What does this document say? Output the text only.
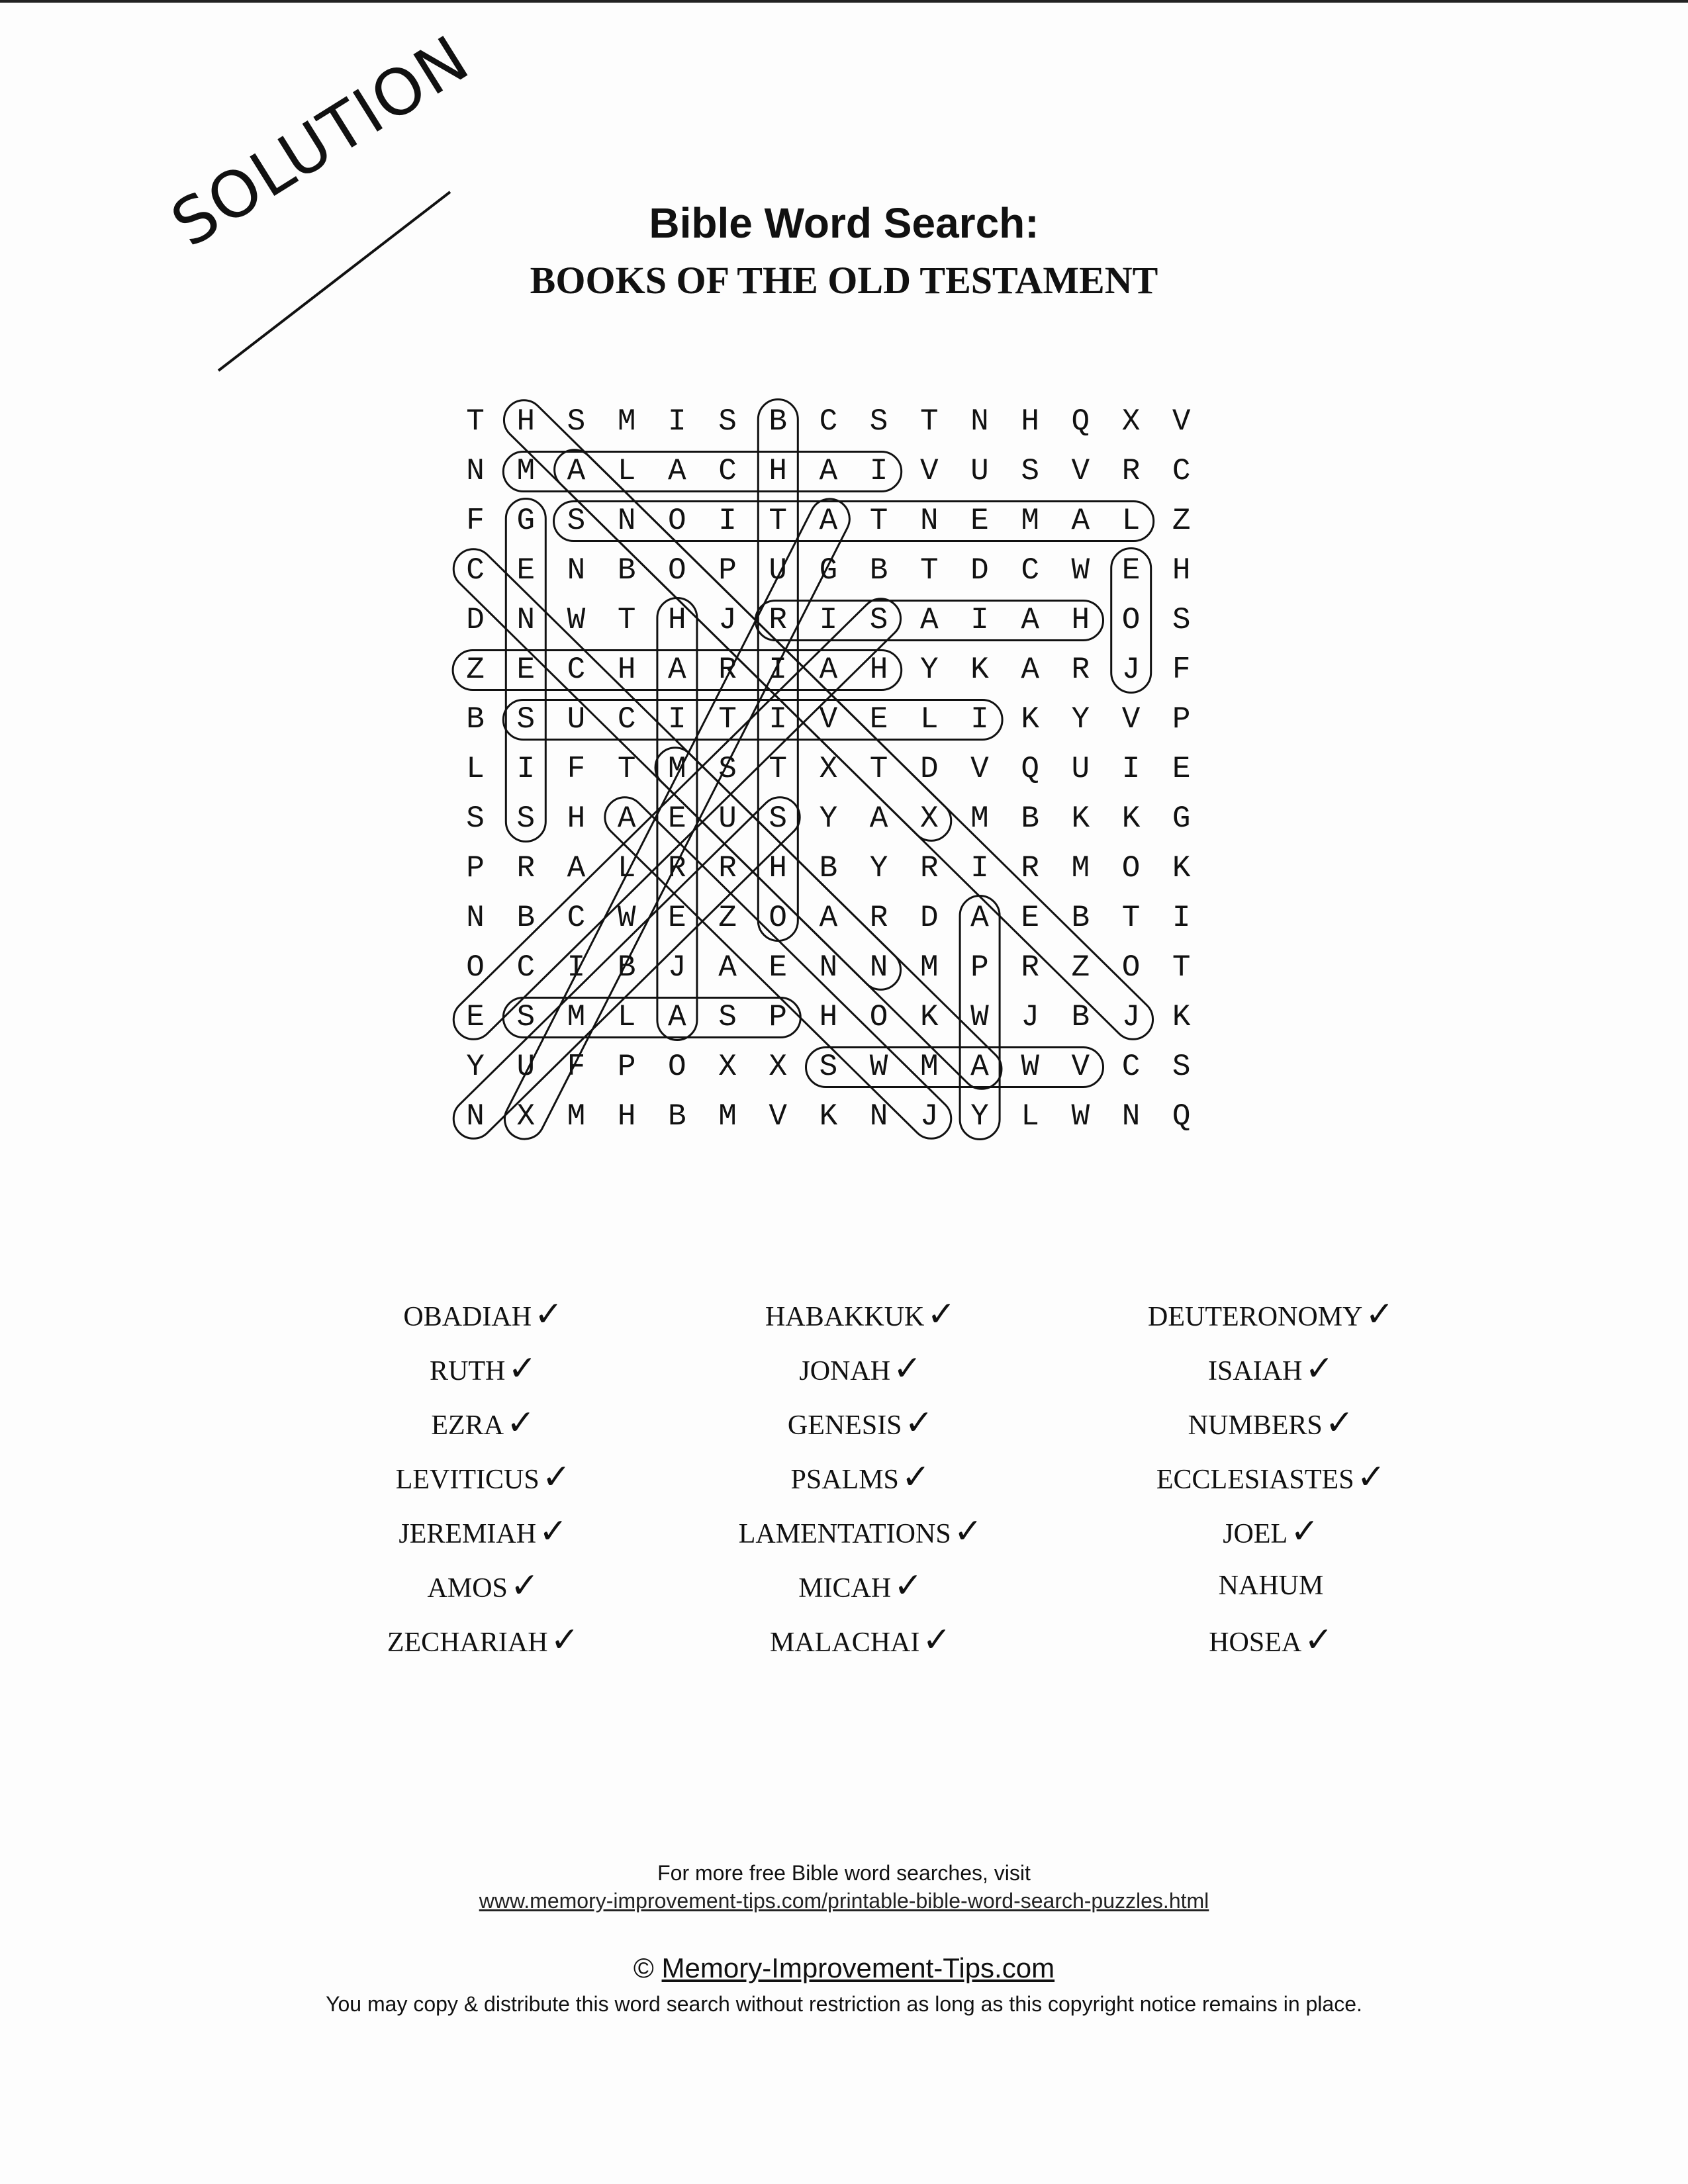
SOLUTION	Bible Word Search:
BOOKS OF THE OLD TESTAMENT
T	H	S	M	I	S	B	C	S	T	N	H	Q	X	V
N	M	A	L	A	C	H	A	I	V	U	S	V	R	C
F	G	S	N	O	I	T	A	T	N	E	M	A	L	Z
C	E	N	B	O	P	U	G	B	T	D	C	W	E	H
D	N	W	T	H	J	R	I	S	A	I	A	H	O	S
Z	E	C	H	A	R	I	A	H	Y	K	A	R	J	F
B	S	U	C	I	T	I	V	E	L	I	K	Y	V	P
L	I	F	T	M	S	T	X	T	D	V	Q	U	I	E
S	S	H	A	E	U	S	Y	A	X	M	B	K	K	G
P	R	A	L	R	R	H	B	Y	R	I	R	M	O	K
N	B	C	W	E	Z	O	A	R	D	A	E	B	T	I
O	C	I	B	J	A	E	N	N	M	P	R	Z	O	T
E	S	M	L	A	S	P	H	O	K	W	J	B	J	K
Y	U	F	P	O	X	X	S	W	M	A	W	V	C	S
N	X	M	H	B	M	V	K	N	J	Y	L	W	N	Q
OBADIAH✓
RUTH✓
EZRA✓
LEVITICUS✓
JEREMIAH✓
AMOS✓
ZECHARIAH✓
HABAKKUK✓
JONAH✓
GENESIS✓
PSALMS✓
LAMENTATIONS✓
MICAH✓
MALACHAI✓
DEUTERONOMY✓
ISAIAH✓
NUMBERS✓
ECCLESIASTES✓
JOEL✓
NAHUM
HOSEA✓
For more free Bible word searches, visit
www.memory-improvement-tips.com/printable-bible-word-search-puzzles.html
© Memory-Improvement-Tips.com
You may copy & distribute this word search without restriction as long as this copyright notice remains in place.
